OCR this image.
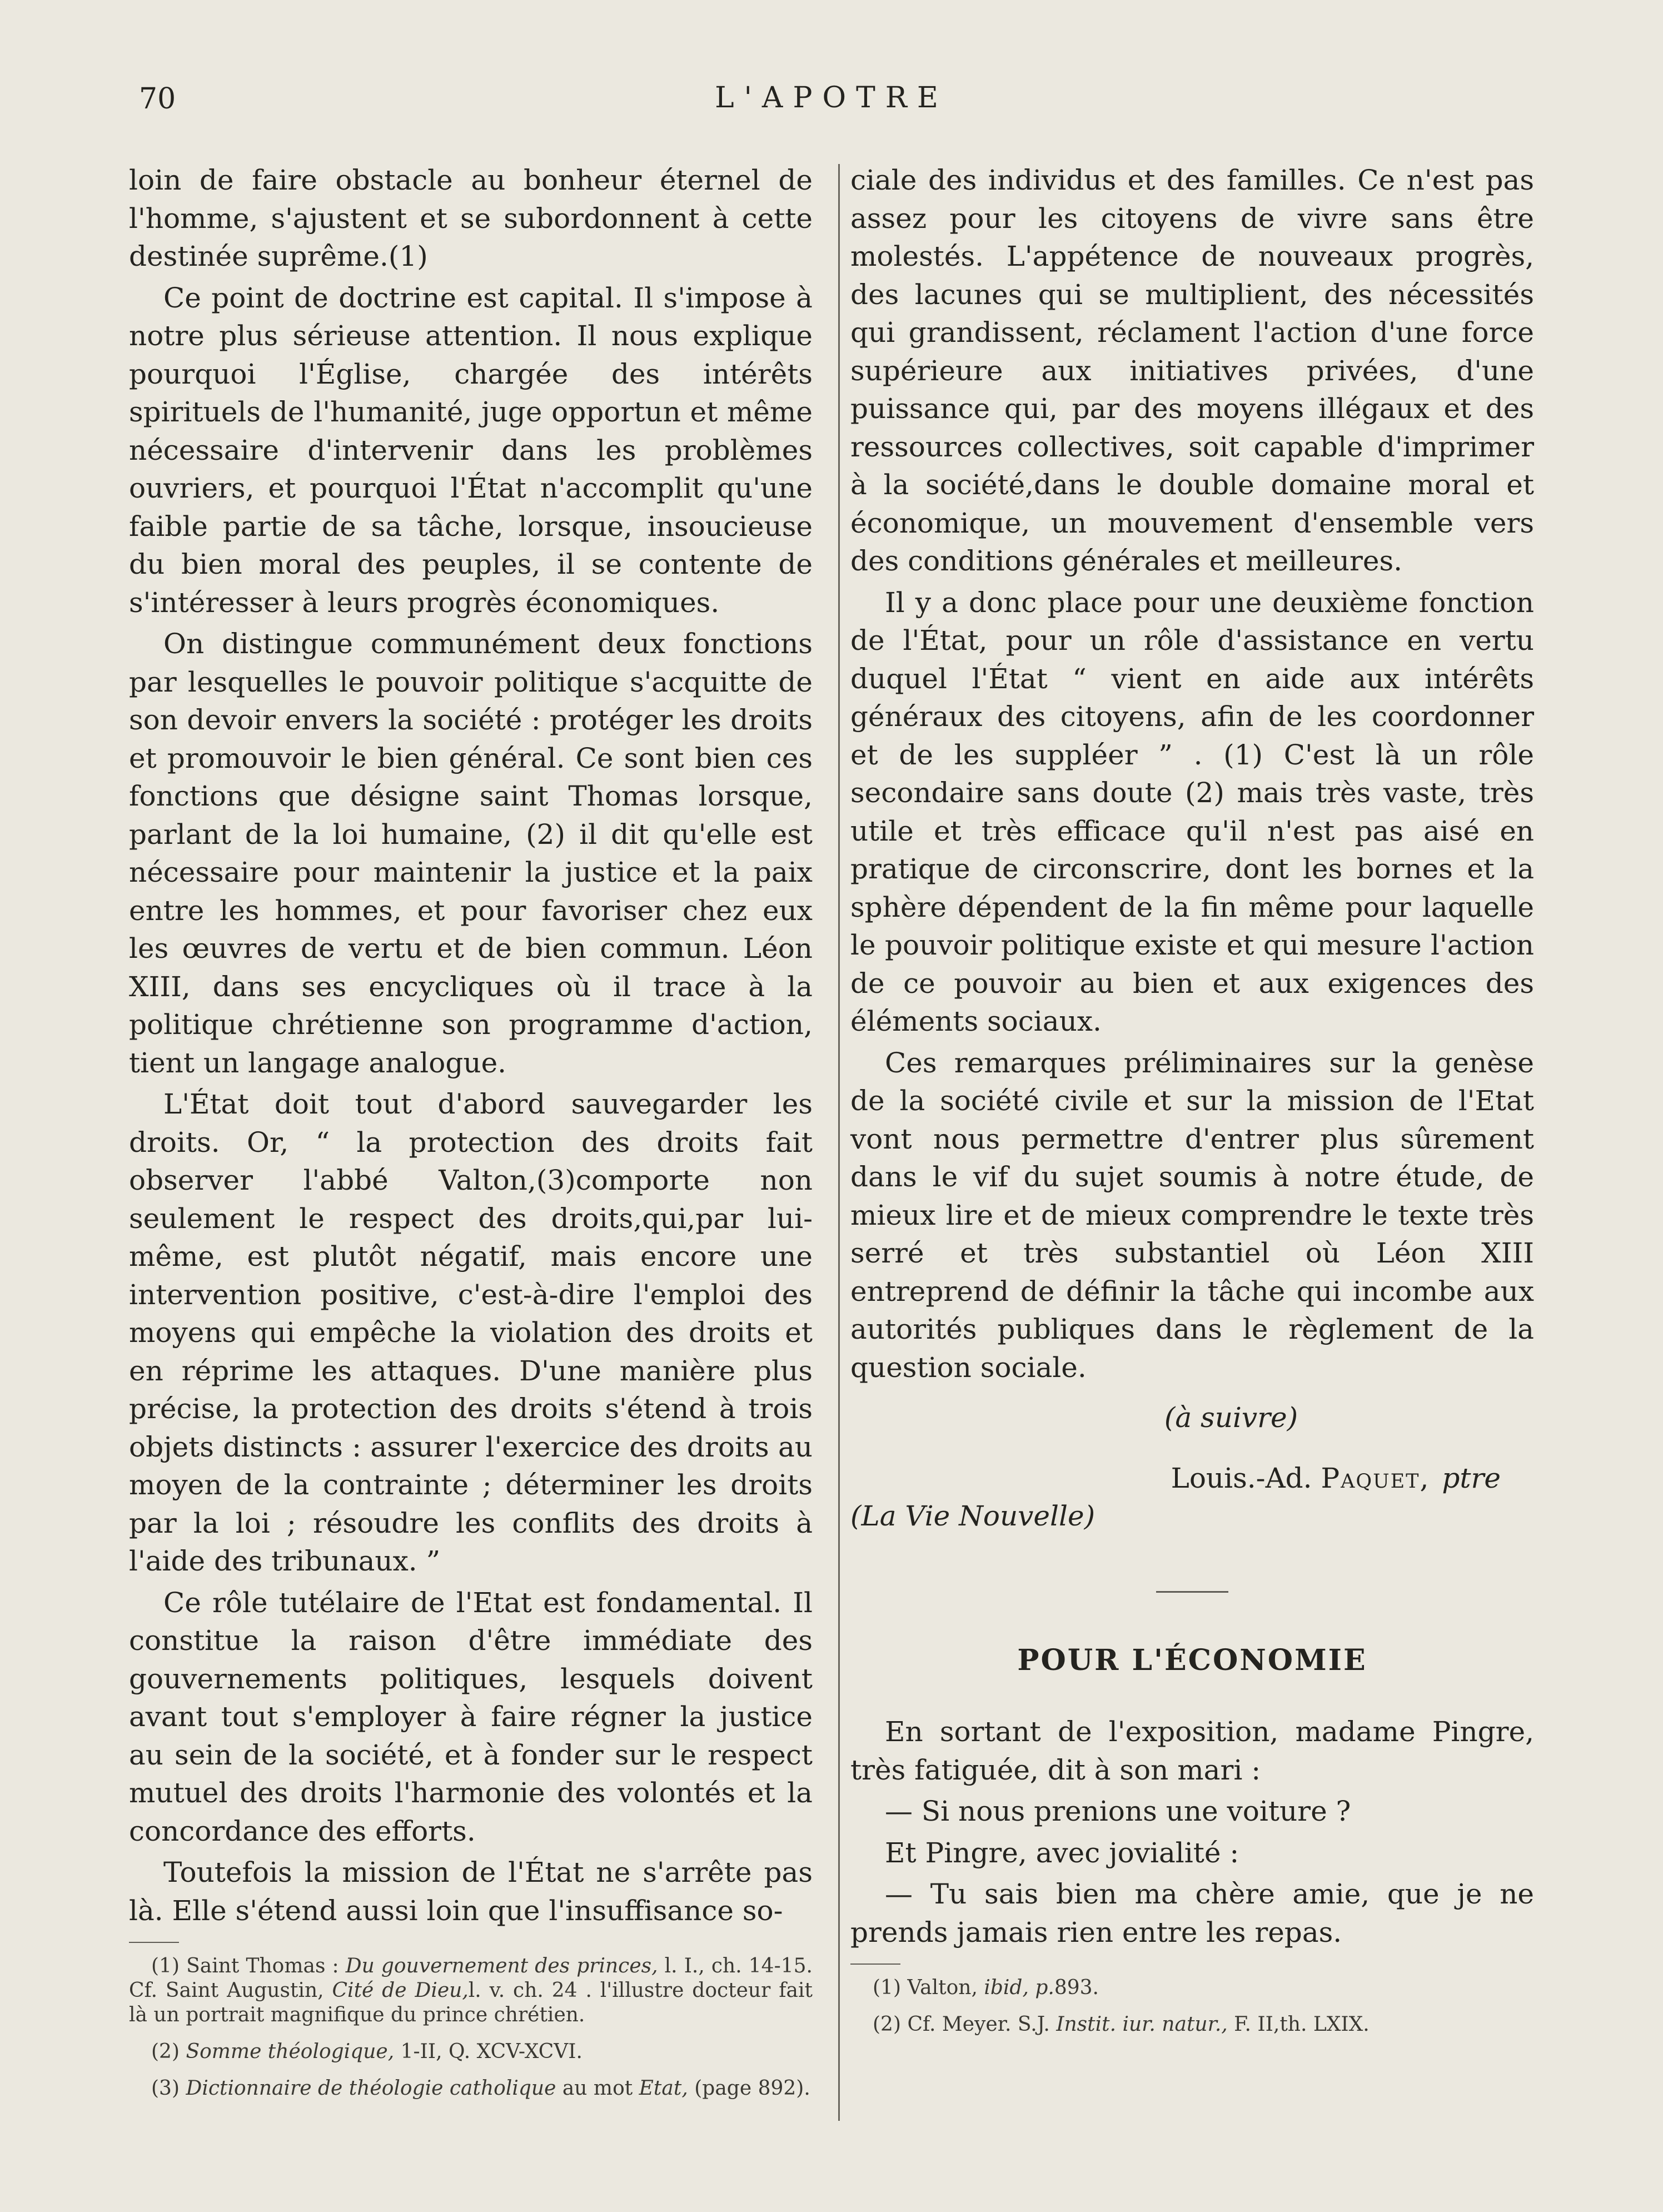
70	L'APOTRE

loin de faire obstacle au bonheur éternel de l'homme, s'ajustent et se subordonnent à cette destinée suprême.(1)

Ce point de doctrine est capital. Il s'impose à notre plus sérieuse attention. Il nous explique pourquoi l'Église, chargée des intérêts spirituels de l'humanité, juge opportun et même nécessaire d'intervenir dans les problèmes ouvriers, et pourquoi l'État n'accomplit qu'une faible partie de sa tâche, lorsque, insoucieuse du bien moral des peuples, il se contente de s'intéresser à leurs progrès économiques.

On distingue communément deux fonctions par lesquelles le pouvoir politique s'acquitte de son devoir envers la société : protéger les droits et promouvoir le bien général. Ce sont bien ces fonctions que désigne saint Thomas lorsque, parlant de la loi humaine, (2) il dit qu'elle est nécessaire pour maintenir la justice et la paix entre les hommes, et pour favoriser chez eux les œuvres de vertu et de bien commun. Léon XIII, dans ses encycliques où il trace à la politique chrétienne son programme d'action, tient un langage analogue.

L'État doit tout d'abord sauvegarder les droits. Or, “ la protection des droits fait observer l'abbé Valton,(3)comporte non seulement le respect des droits,qui,par lui-même, est plutôt négatif, mais encore une intervention positive, c'est-à-dire l'emploi des moyens qui empêche la violation des droits et en réprime les attaques. D'une manière plus précise, la protection des droits s'étend à trois objets distincts : assurer l'exercice des droits au moyen de la contrainte ; déterminer les droits par la loi ; résoudre les conflits des droits à l'aide des tribunaux. ”

Ce rôle tutélaire de l'Etat est fondamental. Il constitue la raison d'être immédiate des gouvernements politiques, lesquels doivent avant tout s'employer à faire régner la justice au sein de la société, et à fonder sur le respect mutuel des droits l'harmonie des volontés et la concordance des efforts.

Toutefois la mission de l'État ne s'arrête pas là. Elle s'étend aussi loin que l'insuffisance so-

(1) Saint Thomas : Du gouvernement des princes, l. I., ch. 14-15. Cf. Saint Augustin, Cité de Dieu,l. v. ch. 24 . l'illustre docteur fait là un portrait magnifique du prince chrétien.

(2) Somme théologique, 1-II, Q. XCV-XCVI.

(3) Dictionnaire de théologie catholique au mot Etat, (page 892).

ciale des individus et des familles. Ce n'est pas assez pour les citoyens de vivre sans être molestés. L'appétence de nouveaux progrès, des lacunes qui se multiplient, des nécessités qui grandissent, réclament l'action d'une force supérieure aux initiatives privées, d'une puissance qui, par des moyens illégaux et des ressources collectives, soit capable d'imprimer à la société,dans le double domaine moral et économique, un mouvement d'ensemble vers des conditions générales et meilleures.

Il y a donc place pour une deuxième fonction de l'État, pour un rôle d'assistance en vertu duquel l'État “ vient en aide aux intérêts généraux des citoyens, afin de les coordonner et de les suppléer ” . (1) C'est là un rôle secondaire sans doute (2) mais très vaste, très utile et très efficace qu'il n'est pas aisé en pratique de circonscrire, dont les bornes et la sphère dépendent de la fin même pour laquelle le pouvoir politique existe et qui mesure l'action de ce pouvoir au bien et aux exigences des éléments sociaux.

Ces remarques préliminaires sur la genèse de la société civile et sur la mission de l'Etat vont nous permettre d'entrer plus sûrement dans le vif du sujet soumis à notre étude, de mieux lire et de mieux comprendre le texte très serré et très substantiel où Léon XIII entreprend de définir la tâche qui incombe aux autorités publiques dans le règlement de la question sociale.

(à suivre)

Louis.-Ad. Paquet, ptre

(La Vie Nouvelle)

POUR L'ÉCONOMIE

En sortant de l'exposition, madame Pingre, très fatiguée, dit à son mari :

— Si nous prenions une voiture ?

Et Pingre, avec jovialité :

— Tu sais bien ma chère amie, que je ne prends jamais rien entre les repas.

(1) Valton, ibid, p.893.

(2) Cf. Meyer. S.J. Instit. iur. natur., F. II,th. LXIX.
